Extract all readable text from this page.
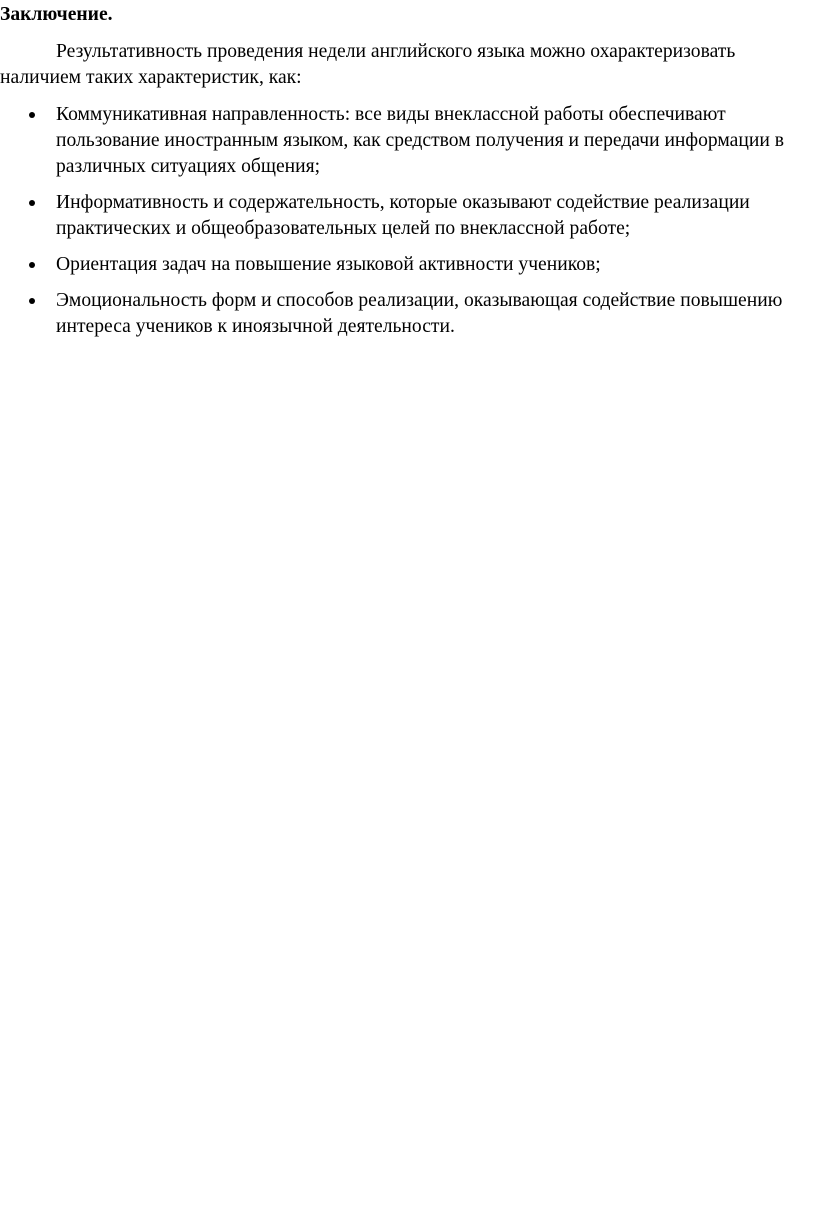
Заключение.

Результативность проведения недели английского языка можно охарактеризовать наличием таких характеристик, как:

Коммуникативная направленность: все виды внеклассной работы обеспечивают пользование иностранным языком, как средством получения и передачи информации в различных ситуациях общения;
Информативность и содержательность, которые оказывают содействие реализации практических и общеобразовательных целей по внеклассной работе;
Ориентация задач на повышение языковой активности учеников;
Эмоциональность форм и способов реализации, оказывающая содействие повышению интереса учеников к иноязычной деятельности.
